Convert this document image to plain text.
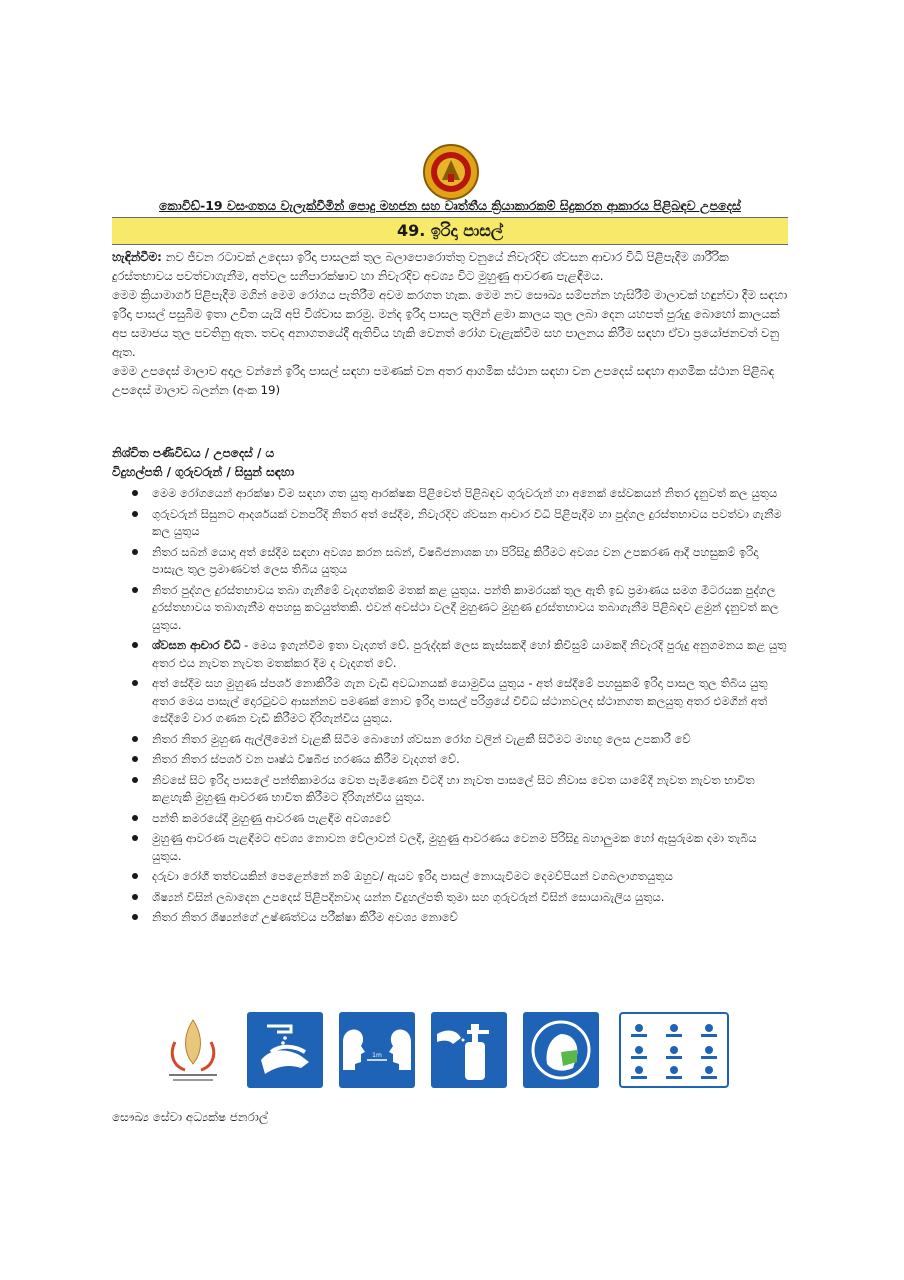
කොවිඩ්-19 වසංගතය වැලැක්වීමින් පොදු මහජන සහ වෘත්තීය ක්‍රියාකාරකම් සිදුකරන ආකාරය පිළිබඳව උපදෙස්
49. ඉරිදා පාසල්

හැඳින්වීම: නව ජීවන රටාවක් උදෙසා ඉරිදා පාසලක් තුල බලාපොරොත්තු වනුයේ නිවැරදිව ශ්වසන ආචාර විධි පිළිපැදීම ශාරීරික දුරස්තභාවය පවත්වාගැනීම, අත්වල සනීපාරක්ෂාව හා නිවැරදිව අවශ්‍ය විට මුහුණු ආවරණ පැළඳීමය.

මෙම ක්‍රියාමාර්ග පිළිපැදීම මගින් මෙම රෝගය පැතිරීම අවම කරගත හැක. මෙම නව සෞඛ්‍ය සම්පන්න හැසිරීම් මාලාවක් හඳුන්වා දීම සඳහා ඉරිදා පාසල් පසුබිම ඉතා උචිත යැයි අපි විශ්වාස කරමු. මන්ද ඉරිදා පාසල තුලින් ළමා කාලය තුල ලබා දෙන යහපත් පුරුදු බොහෝ කාලයක් අප සමාජය තුල පවතිනු ඇත. තවද අනාගතයේදී ඇතිවිය හැකි වෙනත් රෝග වැළැක්වීම සහ පාලනය කිරීම සඳහා ඒවා ප්‍රයෝජනවත් වනු ඇත.

මෙම උපදෙස් මාලාව අදාල වන්නේ ඉරිදා පාසල් සඳහා පමණක් වන අතර ආගමික ස්ථාන සඳහා වන උපදෙස් සඳහා ආගමික ස්ථාන පිළිබඳ උපදෙස් මාලාව බලන්න (අංක 19)

නිශ්චිත පණිවිඩය / උපදෙස් / ය
විදුහල්පති / ගුරුවරුන් / සිසුන් සඳහා
මෙම රෝගයෙන් ආරක්ෂා වීම සඳහා ගත යුතු ආරක්ෂක පිළිවෙත් පිළිබඳව ගුරුවරුන් හා අනෙක් සේවකයන් නිතර දැනුවත් කල යුතුය
ගුරුවරුන් සිසුනට ආදර්ශයක් වනපරිදි නිතර අත් සේදීම, නිවැරදිව ශ්වසන ආචාර විධි පිළිපැදීම හා පුද්ගල දුරස්තභාවය පවත්වා ගැනීම කල යුතුය
නිතර සබන් යොදා අත් සේදීම සඳහා අවශ්‍ය කරන සබන්, විෂබීජනාශක හා පිරිසිදු කිරීමට අවශ්‍ය වන උපකරණ ආදී පහසුකම් ඉරිදා පාසැල තුල ප්‍රමාණවත් ලෙස තිබිය යුතුය
නිතර පුද්ගල දුරස්තභාවය තබා ගැනීමේ වැදගත්කම් මතක් කළ යුතුය. පන්ති කාමරයක් තුල ඇති ඉඩ ප්‍රමාණය සමග මීටරයක පුද්ගල දුරස්තභාවය තබාගැනීම අපහසු කටයුත්තකි. එවන් අවස්ථා වලදී මුහුණට මුහුණ දුරස්තභාවය තබාගැනීම පිළිබඳව ළමුන් දැනුවත් කල යුතුය.
ශ්වසන ආචාර විධි - මෙය ඉගැන්වීම ඉතා වැදගත් වේ. පුරුද්දක් ලෙස කැස්සකදී හෝ කිවිසුම් යාමකදී නිවැරදි පුරුදු අනුගමනය කළ යුතු අතර එය නැවත නැවත මතක්කර දීම ද වැදගත් වේ.
අත් සේදීම සහ මුහුණ ස්පර්ශ නොකිරීම ගැන වැඩි අවධානයක් යොමුවිය යුතුය - අත් සේදීමේ පහසුකම් ඉරිදා පාසල තුල තිබිය යුතු අතර මෙය පාසැල් දොරටුවට ආසන්නව පමණක් නොව ඉරිදා පාසල් පරිශ්‍රයේ විවිධ ස්ථානවලද ස්ථානගත කලයුතු අතර එමගින් අත් සේදීමේ වාර ගණන වැඩි කිරීමට දිරිගැන්විය යුතුය.
නිතර නිතර මුහුණ ඇල්ලීමෙන් වැළකී සිටීම බොහෝ ශ්වසන රෝග වලින් වැළකී සිටීමට මහඟු ලෙස උපකාරී වේ
නිතර නිතර ස්පර්ශ වන පෘෂ්ඨ විෂබීජ හරණය කිරීම වැදගත් වේ.
නිවසේ සිට ඉරිදා පාසලේ පන්තිකාමරය වෙත පැමිණෙන විටදී හා නැවත පාසලේ සිට නිවාස වෙත යාමේදී නැවත නැවත භාවිත කළහැකි මුහුණු ආවරණ භාවිත කිරීමට දිරිගැන්විය යුතුය.
පන්ති කමරයේදී මුහුණු ආවරණ පැළඳීම අවශ්‍යවේ
මුහුණු ආවරණ පැළඳීමට අවශ්‍ය නොවන වේලාවන් වලදී, මුහුණු ආවරණය වෙනම පිරිසිදු බහාලුමක හෝ ඇසුරුමක දමා තැබිය යුතුය.
දරුවා රෝගී තත්වයකින් පෙළෙන්නේ නම් ඔහුව/ ඇයව ඉරිදා පාසල් නොයැවීමට දෙමව්පියන් වගබලාගතයුතුය
ශිෂ්‍යන් විසින් ලබාදෙන උපදෙස් පිළිපදිනවාද යන්න විදුහල්පති තුමා සහ ගුරුවරුන් විසින් සොයාබැලිය යුතුය.
නිතර නිතර ශිෂ්‍යන්ගේ උෂ්ණත්වය පරීක්ෂා කිරීම අවශ්‍ය නොවේ
1m
සෞඛ්‍ය සේවා අධ්‍යක්ෂ ජනරාල්
